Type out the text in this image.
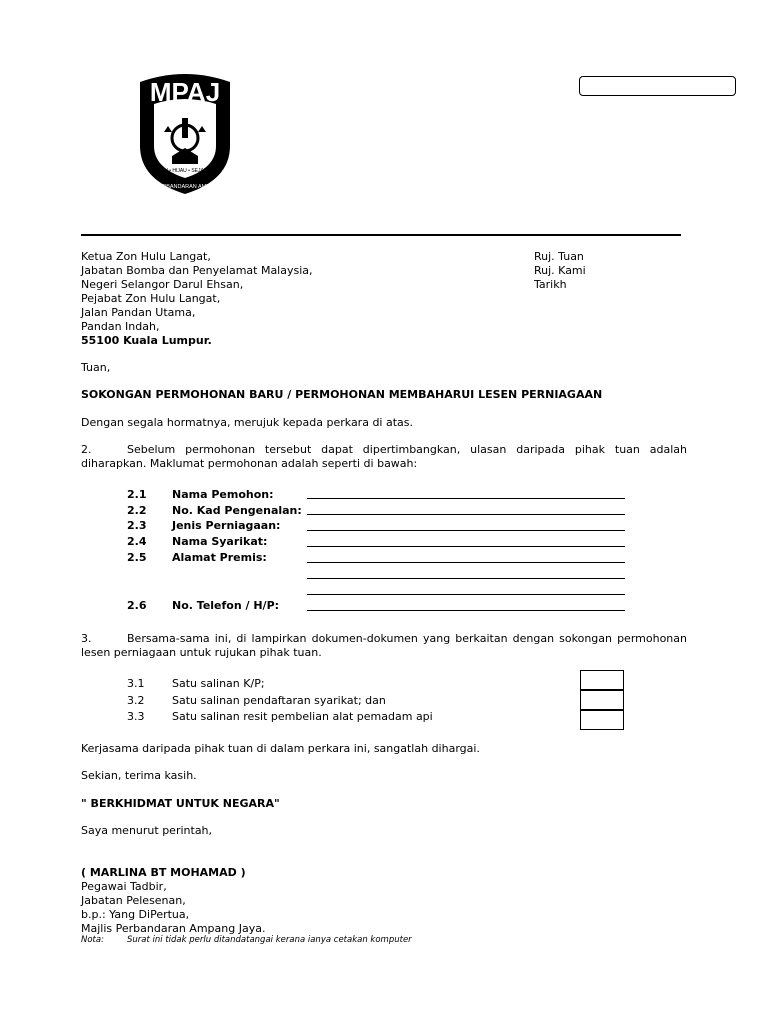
MPAJ
BERSIH • HIJAU • SEJAHTERA
MAJLIS PERBANDARAN AMPANG JAYA
Ketua Zon Hulu Langat,
Jabatan Bomba dan Penyelamat Malaysia,
Negeri Selangor Darul Ehsan,
Pejabat Zon Hulu Langat,
Jalan Pandan Utama,
Pandan Indah,
55100 Kuala Lumpur.
Ruj. Tuan
Ruj. Kami
Tarikh
Tuan,
SOKONGAN PERMOHONAN BARU / PERMOHONAN MEMBAHARUI LESEN PERNIAGAAN
Dengan segala hormatnya, merujuk kepada perkara di atas.
2.	Sebelum permohonan tersebut dapat dipertimbangkan, ulasan daripada pihak tuan adalah diharapkan. Maklumat permohonan adalah seperti di bawah:
2.1 Nama Pemohon:
2.2 No. Kad Pengenalan:
2.3 Jenis Perniagaan:
2.4 Nama Syarikat:
2.5 Alamat Premis:
2.6 No. Telefon / H/P:
3.	Bersama-sama ini, di lampirkan dokumen-dokumen yang berkaitan dengan sokongan permohonan lesen perniagaan untuk rujukan pihak tuan.
3.1	Satu salinan K/P;
3.2	Satu salinan pendaftaran syarikat; dan
3.3	Satu salinan resit pembelian alat pemadam api
Kerjasama daripada pihak tuan di dalam perkara ini, sangatlah dihargai.
Sekian, terima kasih.
" BERKHIDMAT UNTUK NEGARA"
Saya menurut perintah,
( MARLINA BT MOHAMAD )
Pegawai Tadbir,
Jabatan Pelesenan,
b.p.: Yang DiPertua,
Majlis Perbandaran Ampang Jaya.
Nota:	Surat ini tidak perlu ditandatangai kerana ianya cetakan komputer
